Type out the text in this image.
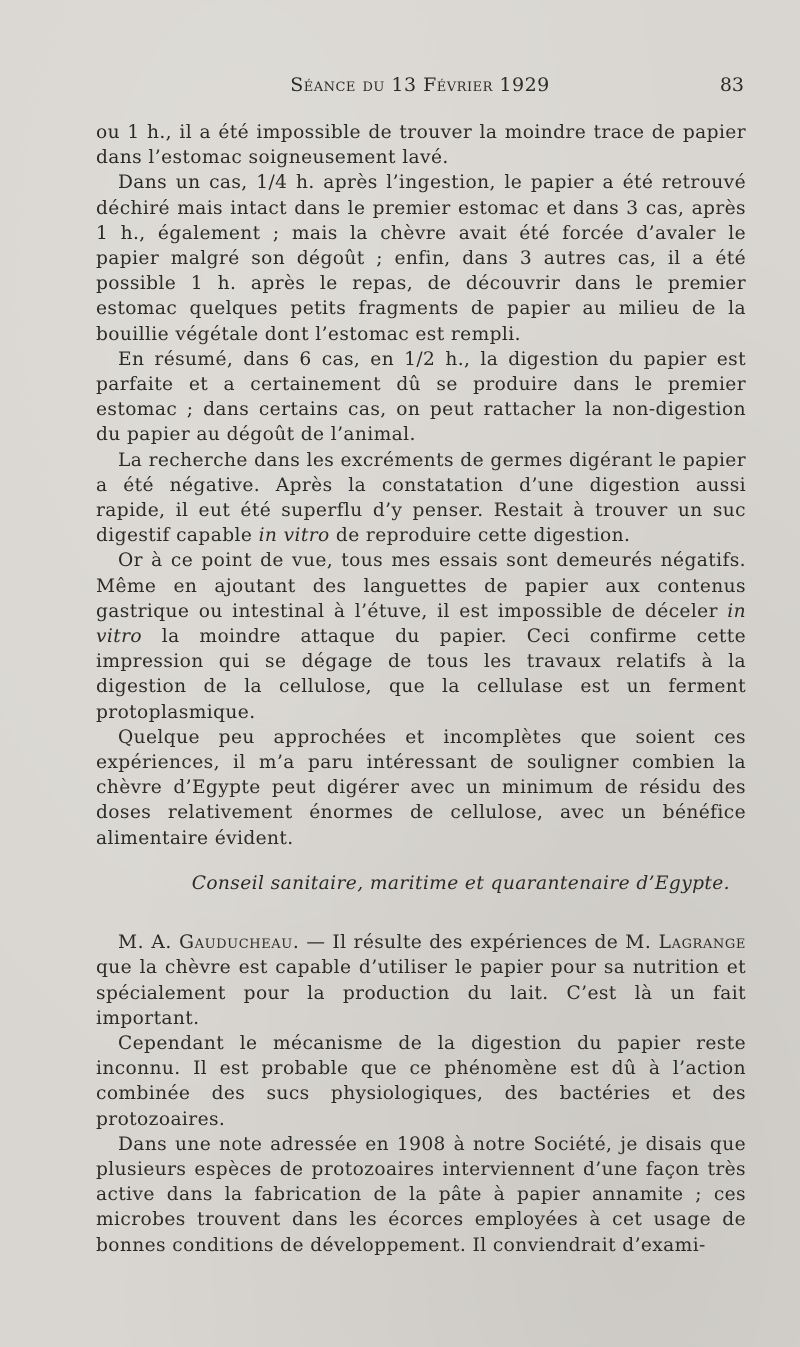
Séance du 13 Février 1929	83

ou 1 h., il a été impossible de trouver la moindre trace de papier dans l’estomac soigneusement lavé.

Dans un cas, 1/4 h. après l’ingestion, le papier a été retrouvé déchiré mais intact dans le premier estomac et dans 3 cas, après 1 h., également ; mais la chèvre avait été forcée d’avaler le papier malgré son dégoût ; enfin, dans 3 autres cas, il a été possible 1 h. après le repas, de découvrir dans le premier estomac quelques petits fragments de papier au milieu de la bouillie végétale dont l’estomac est rempli.

En résumé, dans 6 cas, en 1/2 h., la digestion du papier est parfaite et a certainement dû se produire dans le premier estomac ; dans certains cas, on peut rattacher la non-digestion du papier au dégoût de l’animal.

La recherche dans les excréments de germes digérant le papier a été négative. Après la constatation d’une digestion aussi rapide, il eut été superflu d’y penser. Restait à trouver un suc digestif capable in vitro de reproduire cette digestion.

Or à ce point de vue, tous mes essais sont demeurés négatifs. Même en ajoutant des languettes de papier aux contenus gastrique ou intestinal à l’étuve, il est impossible de déceler in vitro la moindre attaque du papier. Ceci confirme cette impression qui se dégage de tous les travaux relatifs à la digestion de la cellulose, que la cellulase est un ferment protoplasmique.

Quelque peu approchées et incomplètes que soient ces expériences, il m’a paru intéressant de souligner combien la chèvre d’Egypte peut digérer avec un minimum de résidu des doses relativement énormes de cellulose, avec un bénéfice alimentaire évident.

Conseil sanitaire, maritime et quarantenaire d’Egypte.

M. A. Gauducheau. — Il résulte des expériences de M. Lagrange que la chèvre est capable d’utiliser le papier pour sa nutrition et spécialement pour la production du lait. C’est là un fait important.

Cependant le mécanisme de la digestion du papier reste inconnu. Il est probable que ce phénomène est dû à l’action combinée des sucs physiologiques, des bactéries et des protozoaires.

Dans une note adressée en 1908 à notre Société, je disais que plusieurs espèces de protozoaires interviennent d’une façon très active dans la fabrication de la pâte à papier annamite ; ces microbes trouvent dans les écorces employées à cet usage de bonnes conditions de développement. Il conviendrait d’exami-
